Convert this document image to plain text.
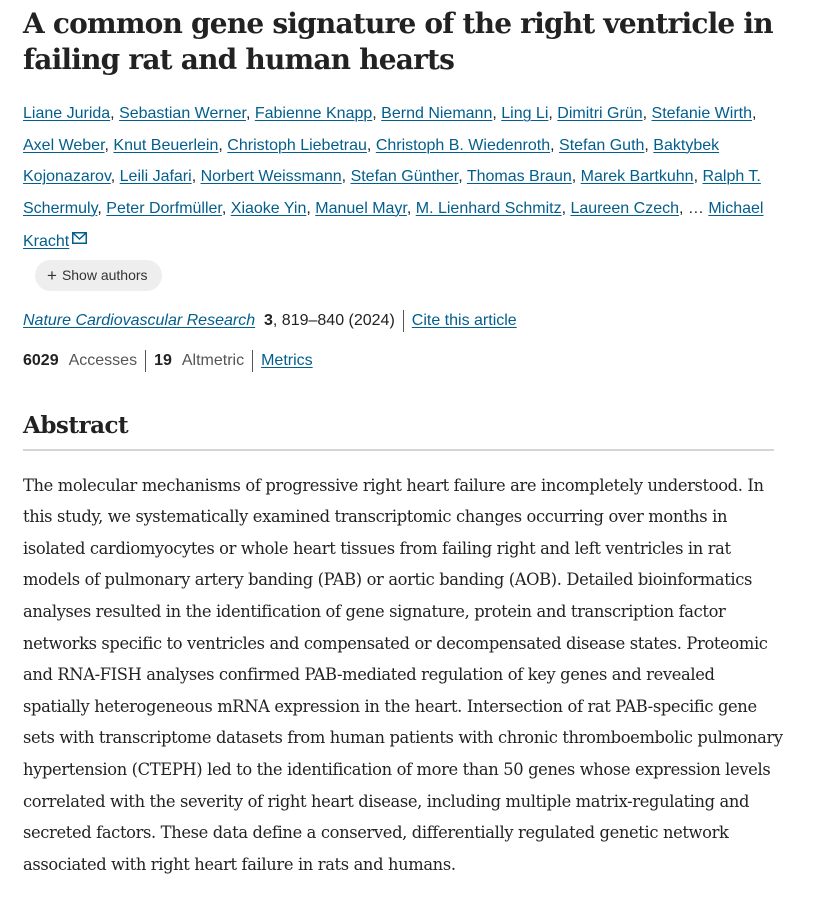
A common gene signature of the right ventricle in failing rat and human hearts
Liane Jurida, Sebastian Werner, Fabienne Knapp, Bernd Niemann, Ling Li, Dimitri Grün, Stefanie Wirth, Axel Weber, Knut Beuerlein, Christoph Liebetrau, Christoph B. Wiedenroth, Stefan Guth, Baktybek Kojonazarov, Leili Jafari, Norbert Weissmann, Stefan Günther, Thomas Braun, Marek Bartkuhn, Ralph T. Schermuly, Peter Dorfmüller, Xiaoke Yin, Manuel Mayr, M. Lienhard Schmitz, Laureen Czech, … Michael Kracht
+ Show authors
Nature Cardiovascular Research
3 , 819–840 (2024) Cite this article
6029 Accesses 19 Altmetric Metrics
Abstract

The molecular mechanisms of progressive right heart failure are incompletely understood. In this study, we systematically examined transcriptomic changes occurring over months in isolated cardiomyocytes or whole heart tissues from failing right and left ventricles in rat models of pulmonary artery banding (PAB) or aortic banding (AOB). Detailed bioinformatics analyses resulted in the identification of gene signature, protein and transcription factor networks specific to ventricles and compensated or decompensated disease states. Proteomic and RNA-FISH analyses confirmed PAB-mediated regulation of key genes and revealed spatially heterogeneous mRNA expression in the heart. Intersection of rat PAB-specific gene sets with transcriptome datasets from human patients with chronic thromboembolic pulmonary hypertension (CTEPH) led to the identification of more than 50 genes whose expression levels correlated with the severity of right heart disease, including multiple matrix-regulating and secreted factors. These data define a conserved, differentially regulated genetic network associated with right heart failure in rats and humans.
